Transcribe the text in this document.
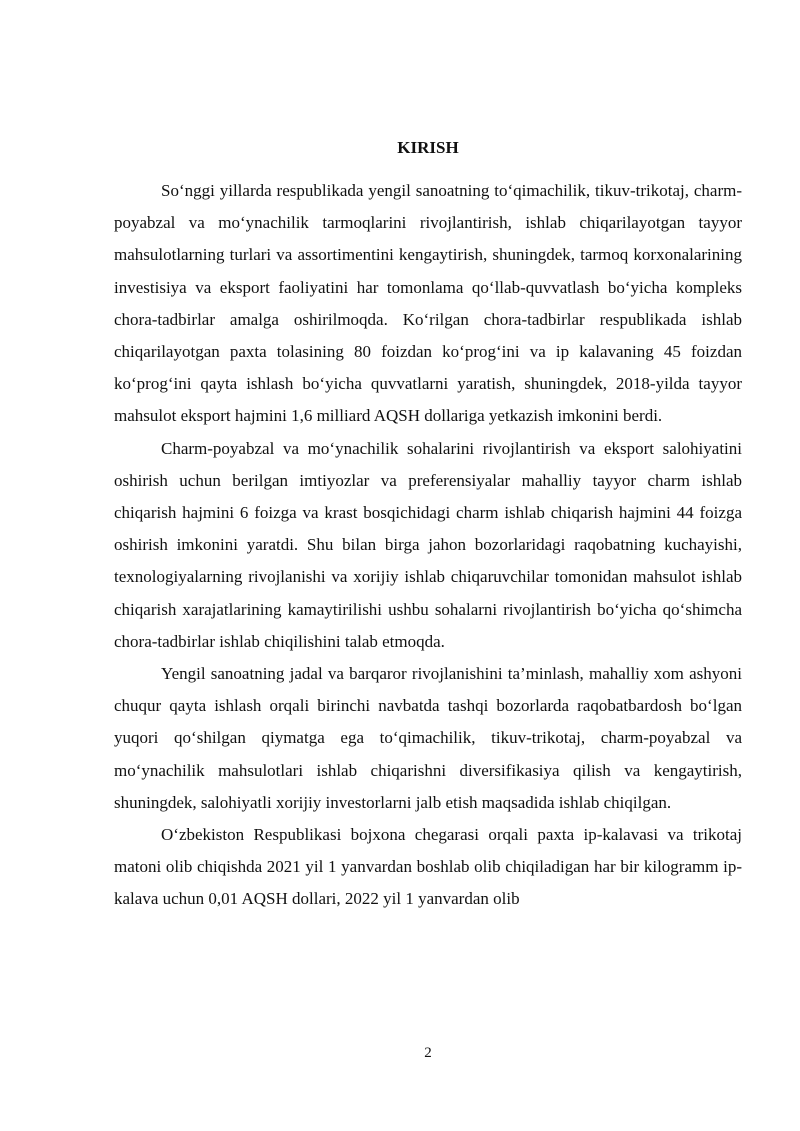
KIRISH

So‘nggi yillarda respublikada yengil sanoatning to‘qimachilik, tikuv-trikotaj, charm-poyabzal va mo‘ynachilik tarmoqlarini rivojlantirish, ishlab chiqarilayotgan tayyor mahsulotlarning turlari va assortimentini kengaytirish, shuningdek, tarmoq korxonalarining investisiya va eksport faoliyatini har tomonlama qo‘llab-quvvatlash bo‘yicha kompleks chora-tadbirlar amalga oshirilmoqda. Ko‘rilgan chora-tadbirlar respublikada ishlab chiqarilayotgan paxta tolasining 80 foizdan ko‘prog‘ini va ip kalavaning 45 foizdan ko‘prog‘ini qayta ishlash bo‘yicha quvvatlarni yaratish, shuningdek, 2018-yilda tayyor mahsulot eksport hajmini 1,6 milliard AQSH dollariga yetkazish imkonini berdi.

Charm-poyabzal va mo‘ynachilik sohalarini rivojlantirish va eksport salohiyatini oshirish uchun berilgan imtiyozlar va preferensiyalar mahalliy tayyor charm ishlab chiqarish hajmini 6 foizga va krast bosqichidagi charm ishlab chiqarish hajmini 44 foizga oshirish imkonini yaratdi. Shu bilan birga jahon bozorlaridagi raqobatning kuchayishi, texnologiyalarning rivojlanishi va xorijiy ishlab chiqaruvchilar tomonidan mahsulot ishlab chiqarish xarajatlarining kamaytirilishi ushbu sohalarni rivojlantirish bo‘yicha qo‘shimcha chora-tadbirlar ishlab chiqilishini talab etmoqda.

Yengil sanoatning jadal va barqaror rivojlanishini ta’minlash, mahalliy xom ashyoni chuqur qayta ishlash orqali birinchi navbatda tashqi bozorlarda raqobatbardosh bo‘lgan yuqori qo‘shilgan qiymatga ega to‘qimachilik, tikuv-trikotaj, charm-poyabzal va mo‘ynachilik mahsulotlari ishlab chiqarishni diversifikasiya qilish va kengaytirish, shuningdek, salohiyatli xorijiy investorlarni jalb etish maqsadida ishlab chiqilgan.

O‘zbekiston Respublikasi bojxona chegarasi orqali paxta ip-kalavasi va trikotaj matoni olib chiqishda 2021 yil 1 yanvardan boshlab olib chiqiladigan har bir kilogramm ip-kalava uchun 0,01 AQSH dollari, 2022 yil 1 yanvardan olib

2
